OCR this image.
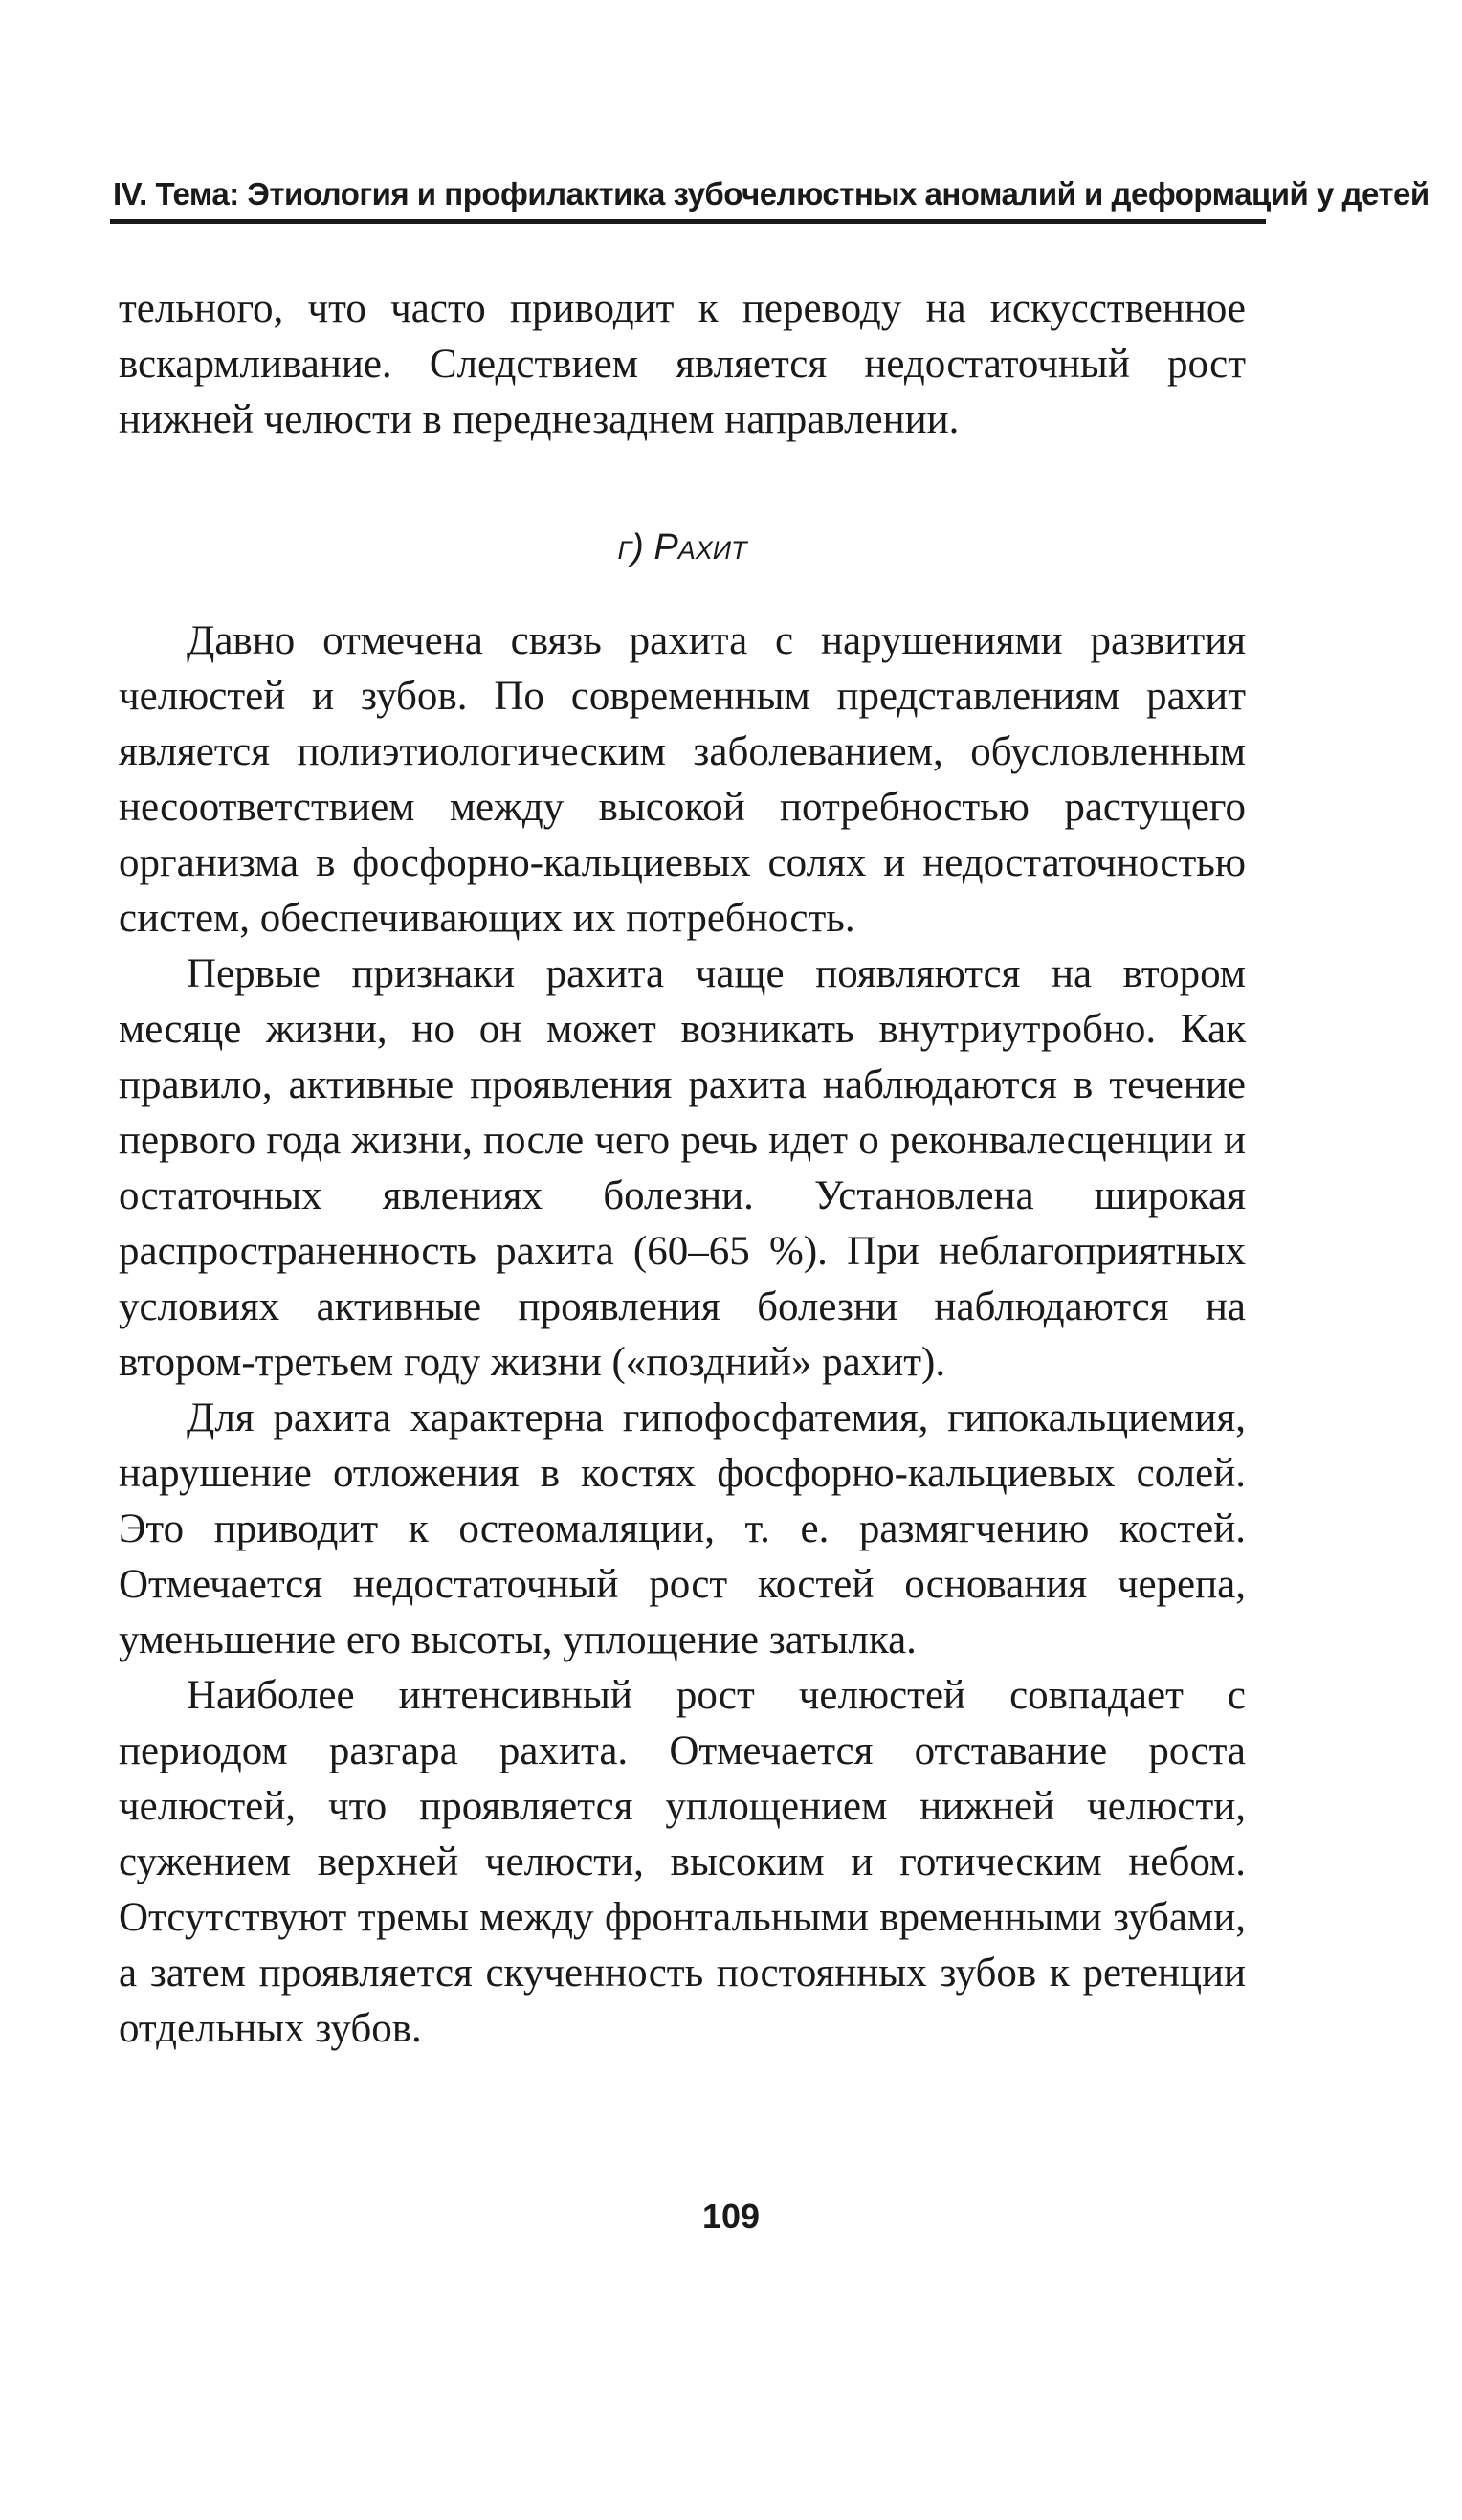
IV. Тема: Этиология и профилактика зубочелюстных аномалий и деформаций у детей

тельного, что часто приводит к переводу на искусственное вскармливание. Следствием является недостаточный рост нижней челюсти в переднезаднем направлении.

г) Рахит

Давно отмечена связь рахита с нарушениями развития челюстей и зубов. По современным представлениям рахит является полиэтиологическим заболеванием, обусловленным несоответствием между высокой потребностью растущего организма в фосфорно-кальциевых солях и недостаточностью систем, обеспечивающих их потребность.

Первые признаки рахита чаще появляются на втором месяце жизни, но он может возникать внутриутробно. Как правило, активные проявления рахита наблюдаются в течение первого года жизни, после чего речь идет о реконвалесценции и остаточных явлениях болезни. Установлена широкая распространенность рахита (60–65 %). При неблагоприятных условиях активные проявления болезни наблюдаются на втором-третьем году жизни («поздний» рахит).

Для рахита характерна гипофосфатемия, гипокальциемия, нарушение отложения в костях фосфорно-кальциевых солей. Это приводит к остеомаляции, т. е. размягчению костей. Отмечается недостаточный рост костей основания черепа, уменьшение его высоты, уплощение затылка.

Наиболее интенсивный рост челюстей совпадает с периодом разгара рахита. Отмечается отставание роста челюстей, что проявляется уплощением нижней челюсти, сужением верхней челюсти, высоким и готическим небом. Отсутствуют тремы между фронтальными временными зубами, а затем проявляется скученность постоянных зубов к ретенции отдельных зубов.

109
